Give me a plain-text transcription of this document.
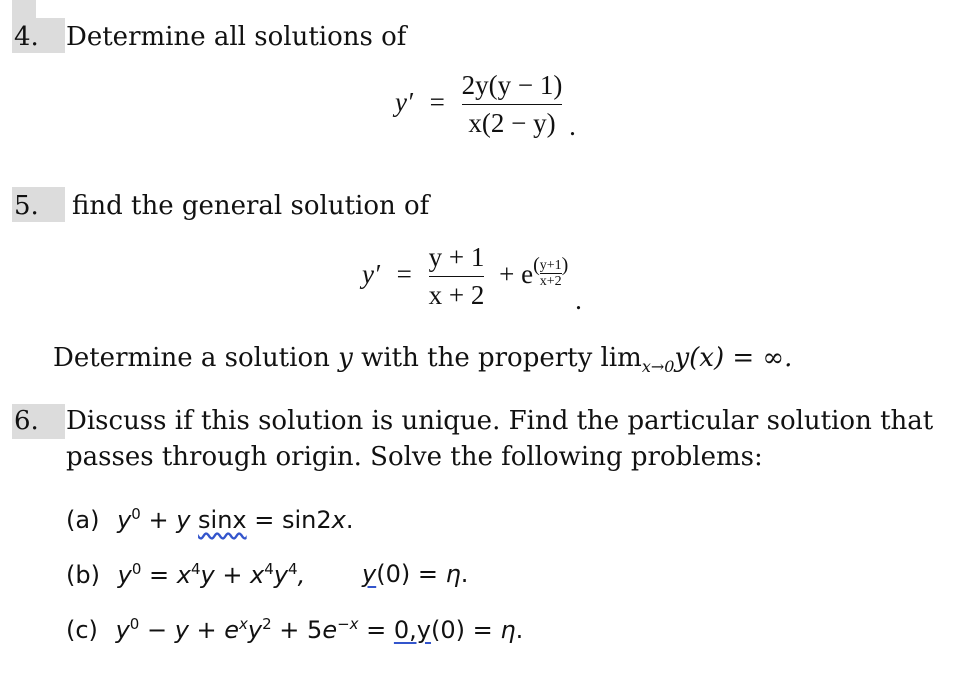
4. Determine all solutions of
$y' = \frac{2y(y - 1)}{x(2 - y)}$ .
5. find the general solution of
$y' = \frac{y + 1}{x + 2} + e^( \frac{y+1}{x+2} ^)$ .
Determine a solution y with the property $\lim_{x\to 0}y(x)$ = ∞.
6. Discuss if this solution is unique. Find the particular solution that
passes through origin. Solve the following problems:
(a) $y^0 + y$ sinx = sin2x.
(b) $y^0 = x^4y + x^4y^4$, y(0) = η.
(c) $y^0 - y + e^xy^2 + 5e^{-x} = 0,y(0) = \eta$.
